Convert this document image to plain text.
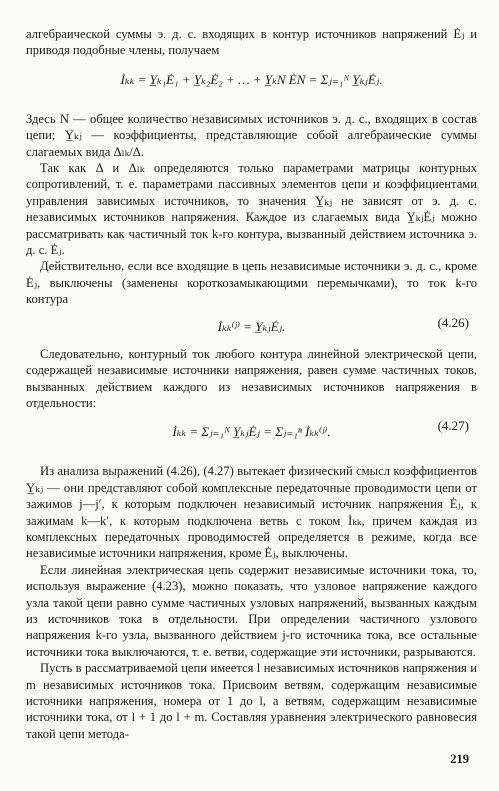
алгебраической суммы э. д. с. входящих в контур источников напряжений Ėⱼ и приводя подобные члены, получаем

İₖₖ = Y̲ₖ₁Ė₁ + Y̲ₖ₂Ė₂ + … + Y̲ₖN ĖN = Σⱼ₌₁ᴺ Y̲ₖⱼĖⱼ.

Здесь N — общее количество независимых источников э. д. с., входящих в состав цепи; Y̲ₖⱼ — коэффициенты, представляющие собой алгебраические суммы слагаемых вида Δₗₖ/Δ.

Так как Δ и Δₗₖ определяются только параметрами матрицы контурных сопротивлений, т. е. параметрами пассивных элементов цепи и коэффициентами управления зависимых источников, то значения Y̲ₖⱼ не зависят от э. д. с. независимых источников напряжения. Каждое из слагаемых вида Y̲ₖⱼĖⱼ можно рассматривать как частичный ток k-го контура, вызванный действием источника э. д. с. Ėⱼ.

Действительно, если все входящие в цепь независимые источники э. д. с., кроме Ėⱼ, выключены (заменены короткозамыкающими перемычками), то ток k-го контура

İₖₖ⁽ʲ⁾ = Y̲ₖⱼĖⱼ.	(4.26)

Следовательно, контурный ток любого контура линейной электрической цепи, содержащей независимые источники напряжения, равен сумме частичных токов, вызванных действием каждого из независимых источников напряжения в отдельности:

İₖₖ = Σⱼ₌₁ᴺ Y̲ₖⱼĖⱼ = Σⱼ₌₁ⁿ İₖₖ⁽ʲ⁾.	(4.27)

Из анализа выражений (4.26), (4.27) вытекает физический смысл коэффициентов Y̲ₖⱼ — они представляют собой комплексные передаточные проводимости цепи от зажимов j—j′, к которым подключен независимый источник напряжения Ėⱼ, к зажимам k—k′, к которым подключена ветвь с током İₖₖ, причем каждая из комплексных передаточных проводимостей определяется в режиме, когда все независимые источники напряжения, кроме Ėⱼ, выключены.

Если линейная электрическая цепь содержит независимые источники тока, то, используя выражение (4.23), можно показать, что узловое напряжение каждого узла такой цепи равно сумме частичных узловых напряжений, вызванных каждым из источников тока в отдельности. При определении частичного узлового напряжения k-го узла, вызванного действием j-го источника тока, все остальные источники тока выключаются, т. е. ветви, содержащие эти источники, разрываются.

Пусть в рассматриваемой цепи имеется l независимых источников напряжения и m независимых источников тока. Присвоим ветвям, содержащим независимые источники напряжения, номера от 1 до l, а ветвям, содержащим независимые источники тока, от l + 1 до l + m. Составляя уравнения электрического равновесия такой цепи метода-

219
